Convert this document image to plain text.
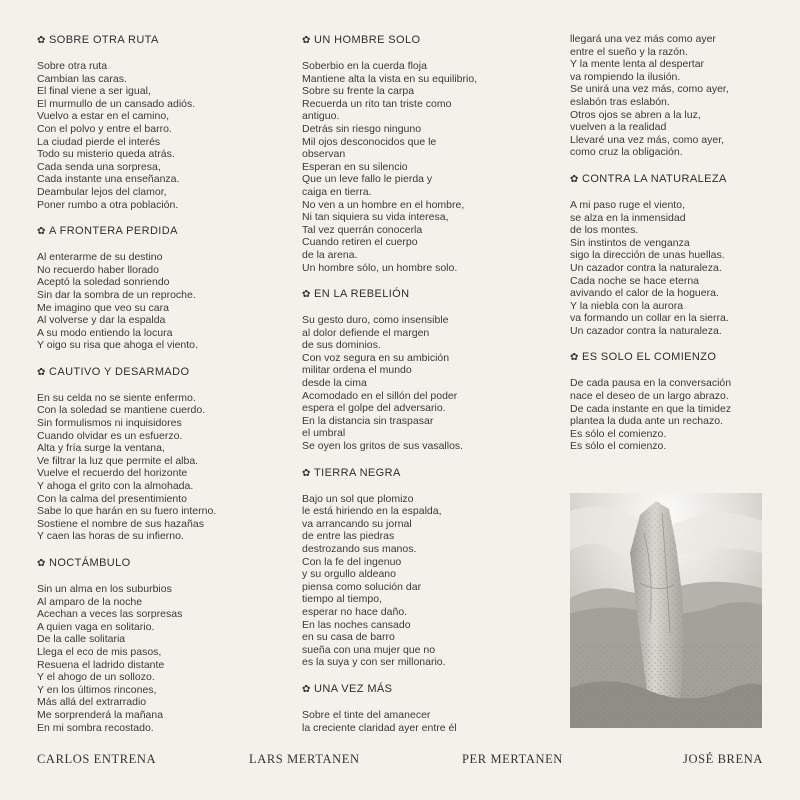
✿ SOBRE OTRA RUTA
Sobre otra ruta
Cambian las caras.
El final viene a ser igual,
El murmullo de un cansado adiós.
Vuelvo a estar en el camino,
Con el polvo y entre el barro.
La ciudad pierde el interés
Todo su misterio queda atrás.
Cada senda una sorpresa,
Cada instante una enseñanza.
Deambular lejos del clamor,
Poner rumbo a otra población.
✿ A FRONTERA PERDIDA
Al enterarme de su destino
No recuerdo haber llorado
Aceptó la soledad sonriendo
Sin dar la sombra de un reproche.
Me imagino que veo su cara
Al volverse y dar la espalda
A su modo entiendo la locura
Y oigo su risa que ahoga el viento.
✿ CAUTIVO Y DESARMADO
En su celda no se siente enfermo.
Con la soledad se mantiene cuerdo.
Sin formulismos ni inquisidores
Cuando olvidar es un esfuerzo.
Alta y fría surge la ventana,
Ve filtrar la luz que permite el alba.
Vuelve el recuerdo del horizonte
Y ahoga el grito con la almohada.
Con la calma del presentimiento
Sabe lo que harán en su fuero interno.
Sostiene el nombre de sus hazañas
Y caen las horas de su infierno.
✿ NOCTÁMBULO
Sin un alma en los suburbios
Al amparo de la noche
Acechan a veces las sorpresas
A quien vaga en solitario.
De la calle solitaria
Llega el eco de mis pasos,
Resuena el ladrido distante
Y el ahogo de un sollozo.
Y en los últimos rincones,
Más allá del extrarradio
Me sorprenderá la mañana
En mi sombra recostado.
✿ UN HOMBRE SOLO
Soberbio en la cuerda floja
Mantiene alta la vista en su equilibrio,
Sobre su frente la carpa
Recuerda un rito tan triste como
antiguo.
Detrás sin riesgo ninguno
Mil ojos desconocidos que le
observan
Esperan en su silencio
Que un leve fallo le pierda y
caiga en tierra.
No ven a un hombre en el hombre,
Ni tan siquiera su vida interesa,
Tal vez querrán conocerla
Cuando retiren el cuerpo
de la arena.
Un hombre sólo, un hombre solo.
✿ EN LA REBELIÓN
Su gesto duro, como insensible
al dolor defiende el margen
de sus dominios.
Con voz segura en su ambición
militar ordena el mundo
desde la cima
Acomodado en el sillón del poder
espera el golpe del adversario.
En la distancia sin traspasar
el umbral
Se oyen los gritos de sus vasallos.
✿ TIERRA NEGRA
Bajo un sol que plomizo
le está hiriendo en la espalda,
va arrancando su jornal
de entre las piedras
destrozando sus manos.
Con la fe del ingenuo
y su orgullo aldeano
piensa como solución dar
tiempo al tiempo,
esperar no hace daño.
En las noches cansado
en su casa de barro
sueña con una mujer que no
es la suya y con ser millonario.
✿ UNA VEZ MÁS
Sobre el tinte del amanecer
la creciente claridad ayer entre él
llegará una vez más como ayer
entre el sueño y la razón.
Y la mente lenta al despertar
va rompiendo la ilusión.
Se unirá una vez más, como ayer,
eslabón tras eslabón.
Otros ojos se abren a la luz,
vuelven a la realidad
Llevaré una vez más, como ayer,
como cruz la obligación.
✿ CONTRA LA NATURALEZA
A mi paso ruge el viento,
se alza en la inmensidad
de los montes.
Sin instintos de venganza
sigo la dirección de unas huellas.
Un cazador contra la naturaleza.
Cada noche se hace eterna
avivando el calor de la hoguera.
Y la niebla con la aurora
va formando un collar en la sierra.
Un cazador contra la naturaleza.
✿ ES SOLO EL COMIENZO
De cada pausa en la conversación
nace el deseo de un largo abrazo.
De cada instante en que la timidez
plantea la duda ante un rechazo.
Es sólo el comienzo.
Es sólo el comienzo.
CARLOS ENTRENA	LARS MERTANEN	PER MERTANEN	JOSÉ BRENA
